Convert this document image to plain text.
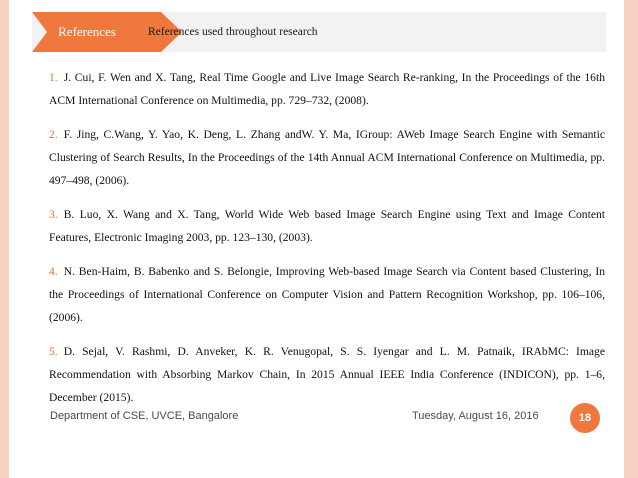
References	References used throughout research
1. J. Cui, F. Wen and X. Tang, Real Time Google and Live Image Search Re-ranking, In the Proceedings of the 16th ACM International Conference on Multimedia, pp. 729–732, (2008).
2. F. Jing, C.Wang, Y. Yao, K. Deng, L. Zhang andW. Y. Ma, IGroup: AWeb Image Search Engine with Semantic Clustering of Search Results, In the Proceedings of the 14th Annual ACM International Conference on Multimedia, pp. 497–498, (2006).
3. B. Luo, X. Wang and X. Tang, World Wide Web based Image Search Engine using Text and Image Content Features, Electronic Imaging 2003, pp. 123–130, (2003).
4. N. Ben-Haim, B. Babenko and S. Belongie, Improving Web-based Image Search via Content based Clustering, In the Proceedings of International Conference on Computer Vision and Pattern Recognition Workshop, pp. 106–106, (2006).
5. D. Sejal, V. Rashmi, D. Anveker, K. R. Venugopal, S. S. Iyengar and L. M. Patnaik, IRAbMC: Image Recommendation with Absorbing Markov Chain, In 2015 Annual IEEE India Conference (INDICON), pp. 1–6, December (2015).
Department of CSE, UVCE, Bangalore	Tuesday, August 16, 2016	18
